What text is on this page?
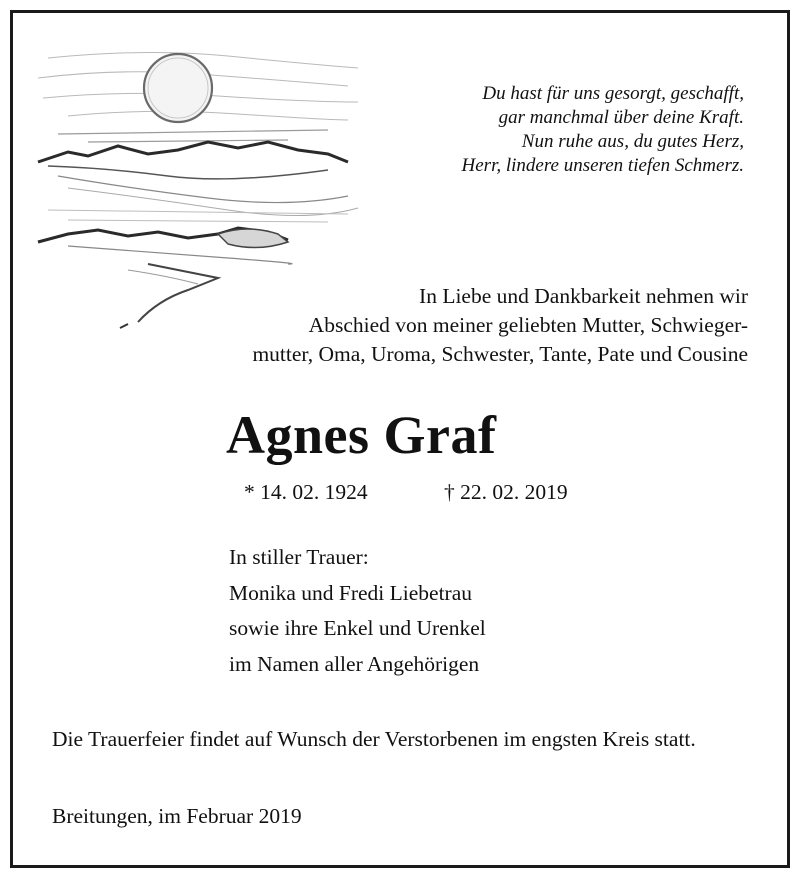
Du hast für uns gesorgt, geschafft,
gar manchmal über deine Kraft.
Nun ruhe aus, du gutes Herz,
Herr, lindere unseren tiefen Schmerz.
In Liebe und Dankbarkeit nehmen wir
Abschied von meiner geliebten Mutter, Schwieger-
mutter, Oma, Uroma, Schwester, Tante, Pate und Cousine
Agnes Graf
* 14. 02. 1924	† 22. 02. 2019
In stiller Trauer:
Monika und Fredi Liebetrau
sowie ihre Enkel und Urenkel
im Namen aller Angehörigen
Die Trauerfeier findet auf Wunsch der Verstorbenen im engsten Kreis statt.
Breitungen, im Februar 2019
